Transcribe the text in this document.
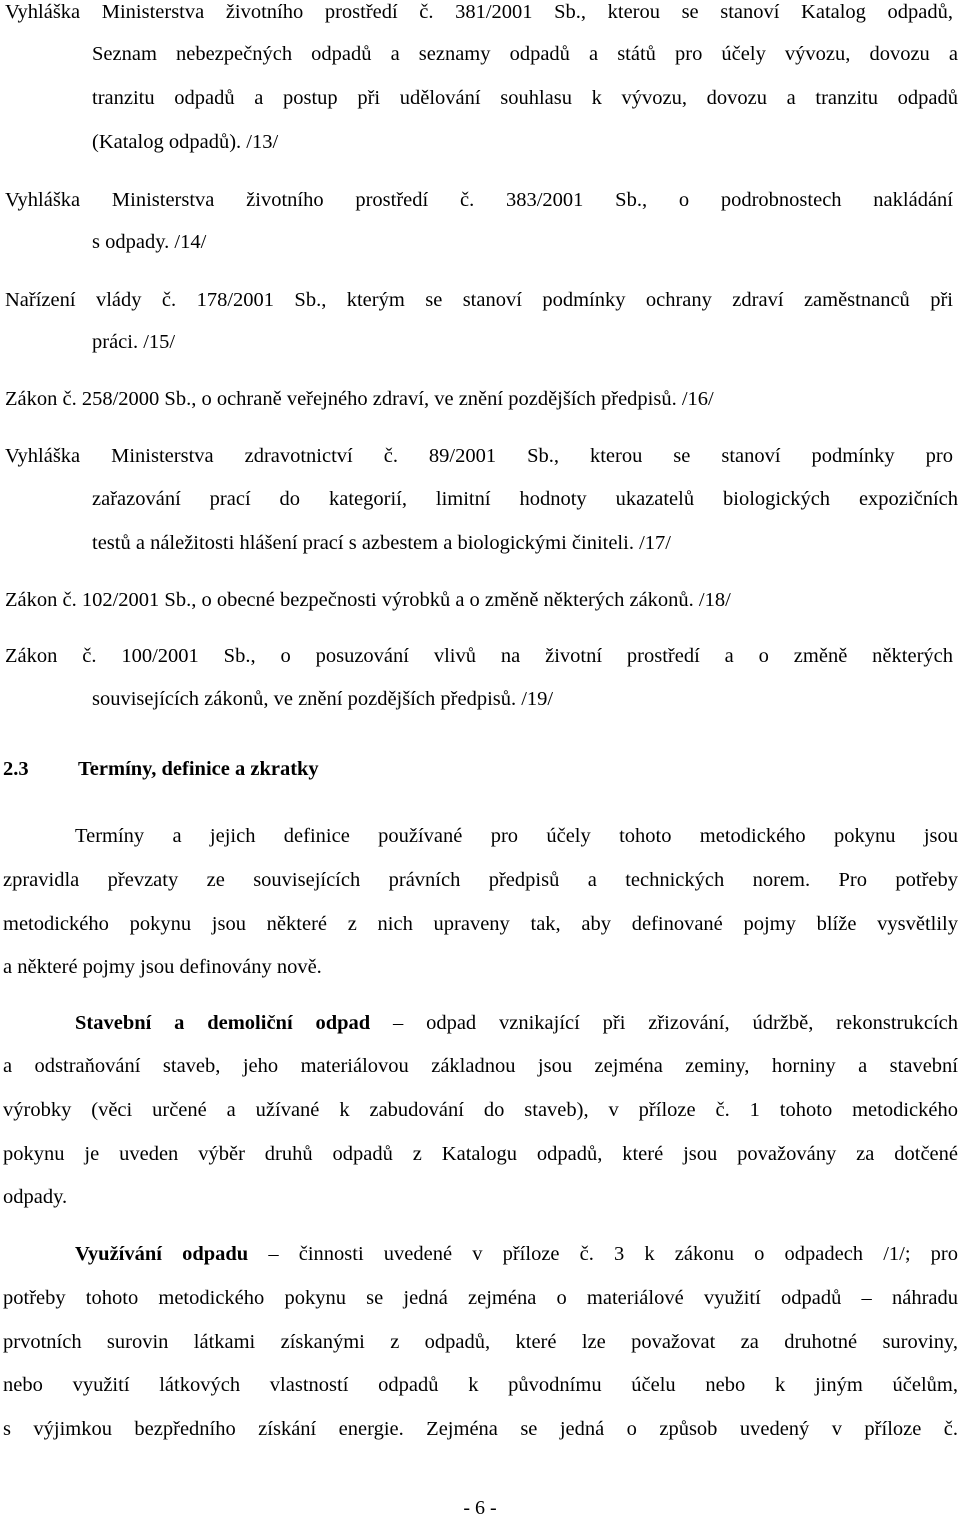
Vyhláška Ministerstva životního prostředí č. 381/2001 Sb., kterou se stanoví Katalog odpadů,
Seznam nebezpečných odpadů a seznamy odpadů a států pro účely vývozu, dovozu a
tranzitu odpadů a postup při udělování souhlasu k vývozu, dovozu a tranzitu odpadů
(Katalog odpadů). /13/
Vyhláška Ministerstva životního prostředí č. 383/2001 Sb., o podrobnostech nakládání
s odpady. /14/
Nařízení vlády č. 178/2001 Sb., kterým se stanoví podmínky ochrany zdraví zaměstnanců při
práci. /15/
Zákon č. 258/2000 Sb., o ochraně veřejného zdraví, ve znění pozdějších předpisů. /16/
Vyhláška Ministerstva zdravotnictví č. 89/2001 Sb., kterou se stanoví podmínky pro
zařazování prací do kategorií, limitní hodnoty ukazatelů biologických expozičních
testů a náležitosti hlášení prací s azbestem a biologickými činiteli. /17/
Zákon č. 102/2001 Sb., o obecné bezpečnosti výrobků a o změně některých zákonů. /18/
Zákon č. 100/2001 Sb., o posuzování vlivů na životní prostředí a o změně některých
souvisejících zákonů, ve znění pozdějších předpisů. /19/
2.3 Termíny, definice a zkratky
Termíny a jejich definice používané pro účely tohoto metodického pokynu jsou
zpravidla převzaty ze souvisejících právních předpisů a technických norem. Pro potřeby
metodického pokynu jsou některé z nich upraveny tak, aby definované pojmy blíže vysvětlily
a některé pojmy jsou definovány nově.
Stavební a demoliční odpad – odpad vznikající při zřizování, údržbě, rekonstrukcích
a odstraňování staveb, jeho materiálovou základnou jsou zejména zeminy, horniny a stavební
výrobky (věci určené a užívané k zabudování do staveb), v příloze č. 1 tohoto metodického
pokynu je uveden výběr druhů odpadů z Katalogu odpadů, které jsou považovány za dotčené
odpady.
Využívání odpadu – činnosti uvedené v příloze č. 3 k zákonu o odpadech /1/; pro
potřeby tohoto metodického pokynu se jedná zejména o materiálové využití odpadů – náhradu
prvotních surovin látkami získanými z odpadů, které lze považovat za druhotné suroviny,
nebo využití látkových vlastností odpadů k původnímu účelu nebo k jiným účelům,
s výjimkou bezpředního získání energie. Zejména se jedná o způsob uvedený v příloze č.
- 6 -
